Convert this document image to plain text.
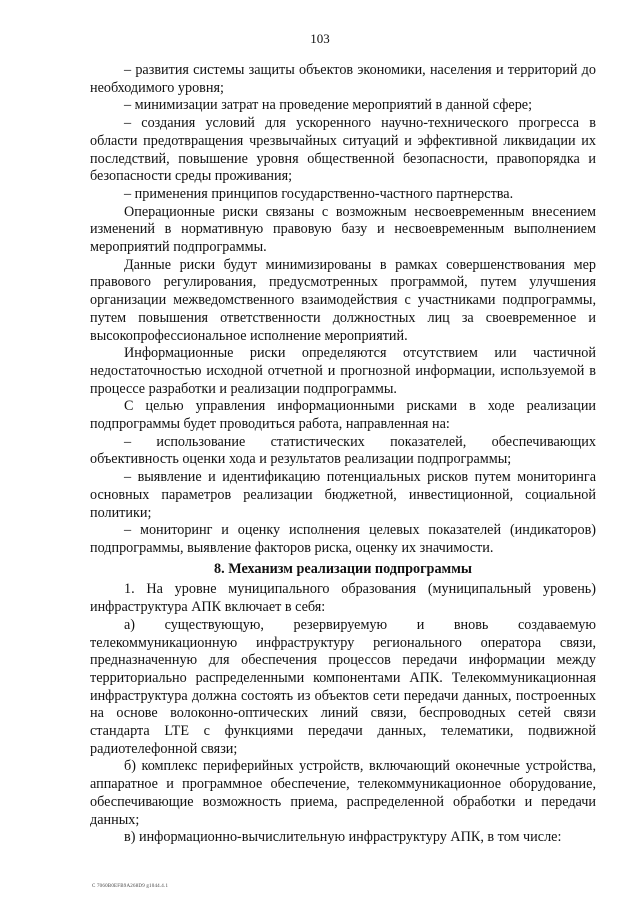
103

– развития системы защиты объектов экономики, населения и территорий до необходимого уровня;

– минимизации затрат на проведение мероприятий в данной сфере;

– создания условий для ускоренного научно-технического прогресса в области предотвращения чрезвычайных ситуаций и эффективной ликвидации их последствий, повышение уровня общественной безопасности, правопорядка и безопасности среды проживания;

– применения принципов государственно-частного партнерства.

Операционные риски связаны с возможным несвоевременным внесением изменений в нормативную правовую базу и несвоевременным выполнением мероприятий подпрограммы.

Данные риски будут минимизированы в рамках совершенствования мер правового регулирования, предусмотренных программой, путем улучшения организации межведомственного взаимодействия с участниками подпрограммы, путем повышения ответственности должностных лиц за своевременное и высокопрофессиональное исполнение мероприятий.

Информационные риски определяются отсутствием или частичной недостаточностью исходной отчетной и прогнозной информации, используемой в процессе разработки и реализации подпрограммы.

С целью управления информационными рисками в ходе реализации подпрограммы будет проводиться работа, направленная на:

– использование статистических показателей, обеспечивающих объективность оценки хода и результатов реализации подпрограммы;

– выявление и идентификацию потенциальных рисков путем мониторинга основных параметров реализации бюджетной, инвестиционной, социальной политики;

– мониторинг и оценку исполнения целевых показателей (индикаторов) подпрограммы, выявление факторов риска, оценку их значимости.

8. Механизм реализации подпрограммы

1. На уровне муниципального образования (муниципальный уровень) инфраструктура АПК включает в себя:

а) существующую, резервируемую и вновь создаваемую телекоммуникационную инфраструктуру регионального оператора связи, предназначенную для обеспечения процессов передачи информации между территориально распределенными компонентами АПК. Телекоммуникационная инфраструктура должна состоять из объектов сети передачи данных, построенных на основе волоконно-оптических линий связи, беспроводных сетей связи стандарта LTE с функциями передачи данных, телематики, подвижной радиотелефонной связи;

б) комплекс периферийных устройств, включающий оконечные устройства, аппаратное и программное обеспечение, телекоммуникационное оборудование, обеспечивающие возможность приема, распределенной обработки и передачи данных;

в) информационно-вычислительную инфраструктуру АПК, в том числе:

С 7060B0EFB9A268D9 g1044.4.1
